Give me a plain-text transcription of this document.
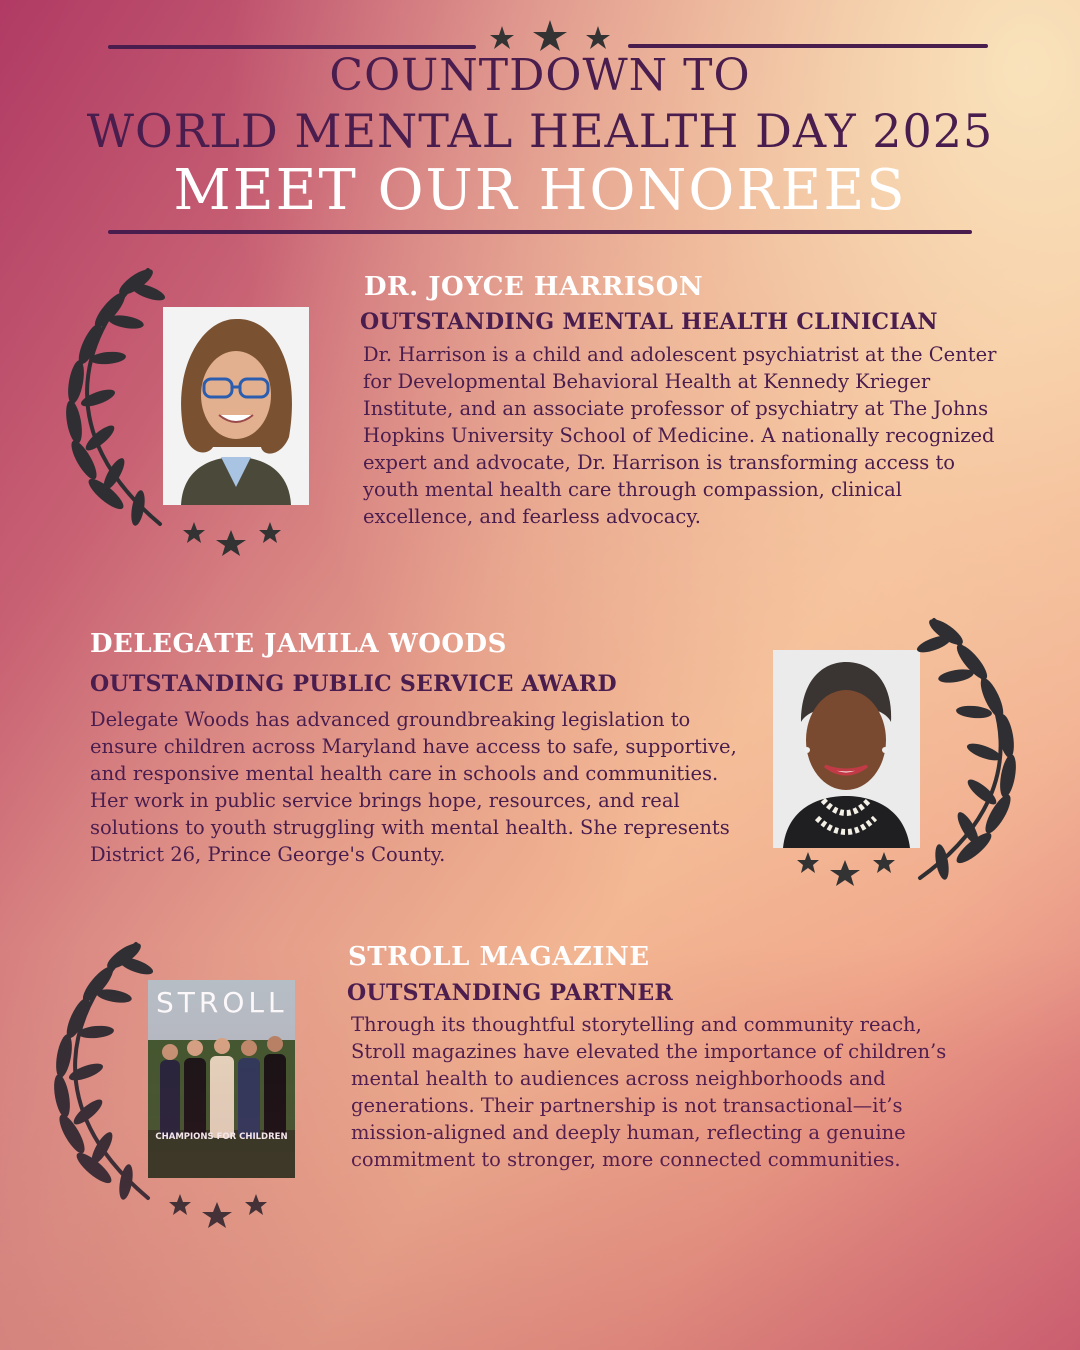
COUNTDOWN TO
WORLD MENTAL HEALTH DAY 2025
MEET OUR HONOREES
DR. JOYCE HARRISON
OUTSTANDING MENTAL HEALTH CLINICIAN
Dr. Harrison is a child and adolescent psychiatrist at the Center for Developmental Behavioral Health at Kennedy Krieger Institute, and an associate professor of psychiatry at The Johns Hopkins University School of Medicine. A nationally recognized expert and advocate, Dr. Harrison is transforming access to youth mental health care through compassion, clinical excellence, and fearless advocacy.
DELEGATE JAMILA WOODS
OUTSTANDING PUBLIC SERVICE AWARD
Delegate Woods has advanced groundbreaking legislation to ensure children across Maryland have access to safe, supportive, and responsive mental health care in schools and communities. Her work in public service brings hope, resources, and real solutions to youth struggling with mental health. She represents District 26, Prince George's County.
STROLL
CHAMPIONS FOR CHILDREN
STROLL MAGAZINE
OUTSTANDING PARTNER
Through its thoughtful storytelling and community reach, Stroll magazines have elevated the importance of children’s mental health to audiences across neighborhoods and generations. Their partnership is not transactional—it’s mission-aligned and deeply human, reflecting a genuine commitment to stronger, more connected communities.
